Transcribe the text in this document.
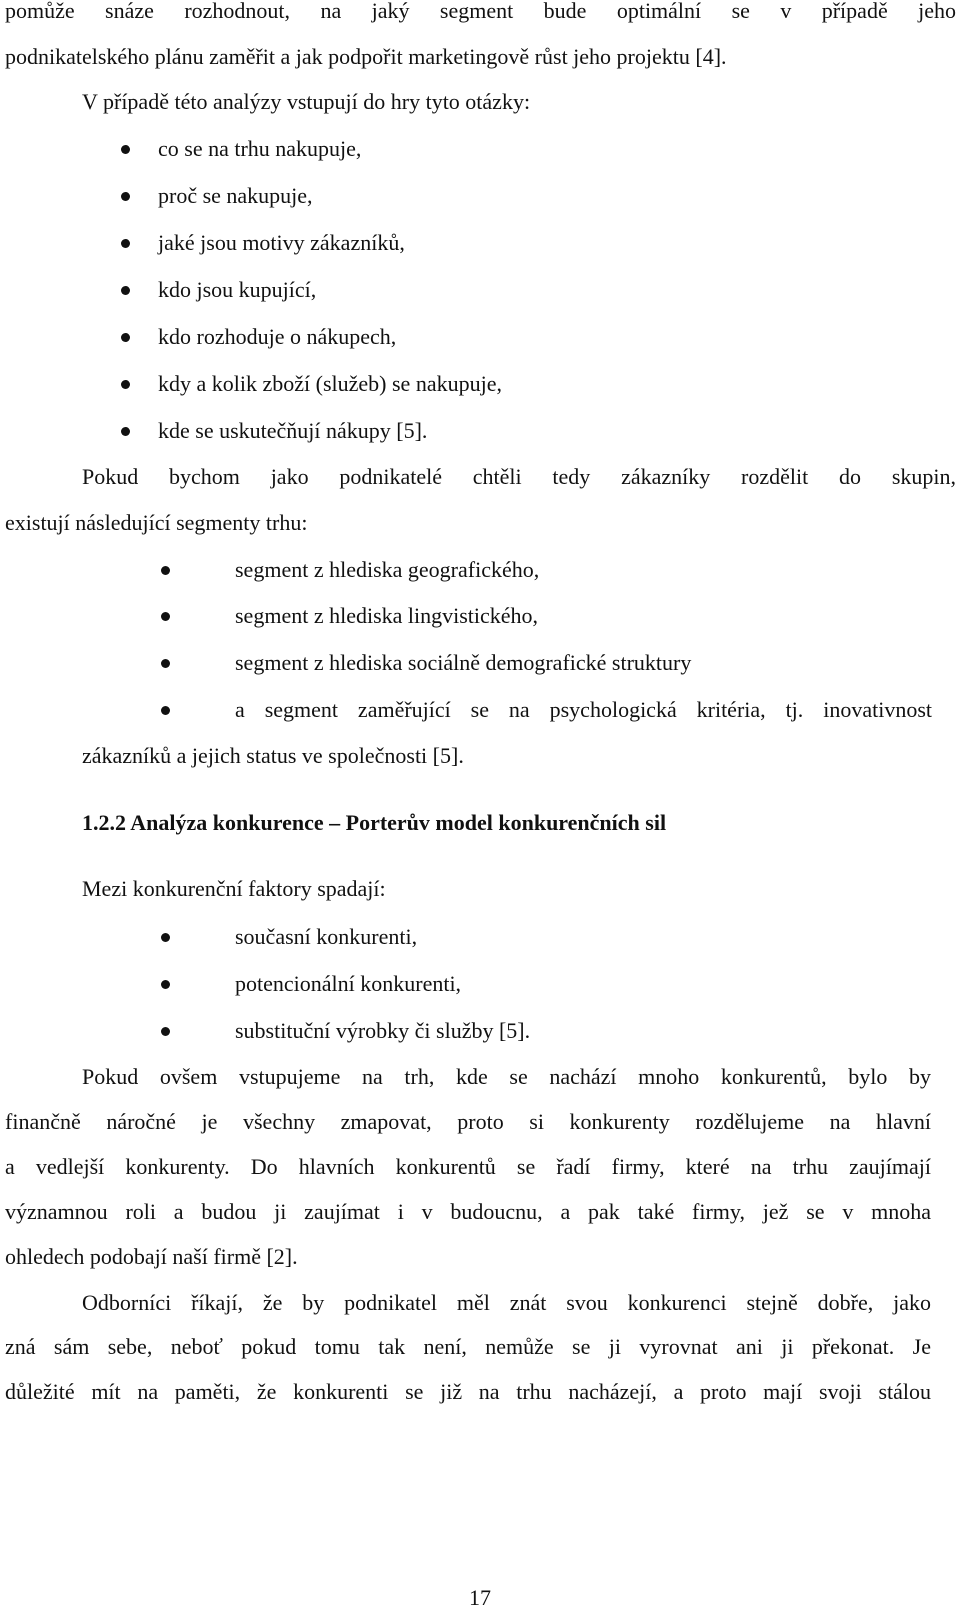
pomůže snáze rozhodnout, na jaký segment bude optimální se v případě jeho
podnikatelského plánu zaměřit a jak podpořit marketingově růst jeho projektu [4].
V případě této analýzy vstupují do hry tyto otázky:
co se na trhu nakupuje,
proč se nakupuje,
jaké jsou motivy zákazníků,
kdo jsou kupující,
kdo rozhoduje o nákupech,
kdy a kolik zboží (služeb) se nakupuje,
kde se uskutečňují nákupy [5].
Pokud bychom jako podnikatelé chtěli tedy zákazníky rozdělit do skupin,
existují následující segmenty trhu:
segment z hlediska geografického,
segment z hlediska lingvistického,
segment z hlediska sociálně demografické struktury
a segment zaměřující se na psychologická kritéria, tj. inovativnost
zákazníků a jejich status ve společnosti [5].
1.2.2 Analýza konkurence – Porterův model konkurenčních sil
Mezi konkurenční faktory spadají:
současní konkurenti,
potencionální konkurenti,
substituční výrobky či služby [5].
Pokud ovšem vstupujeme na trh, kde se nachází mnoho konkurentů, bylo by
finančně náročné je všechny zmapovat, proto si konkurenty rozdělujeme na hlavní
a vedlejší konkurenty. Do hlavních konkurentů se řadí firmy, které na trhu zaujímají
významnou roli a budou ji zaujímat i v budoucnu, a pak také firmy, jež se v mnoha
ohledech podobají naší firmě [2].
Odborníci říkají, že by podnikatel měl znát svou konkurenci stejně dobře, jako
zná sám sebe, neboť pokud tomu tak není, nemůže se ji vyrovnat ani ji překonat. Je
důležité mít na paměti, že konkurenti se již na trhu nacházejí, a proto mají svoji stálou
17
